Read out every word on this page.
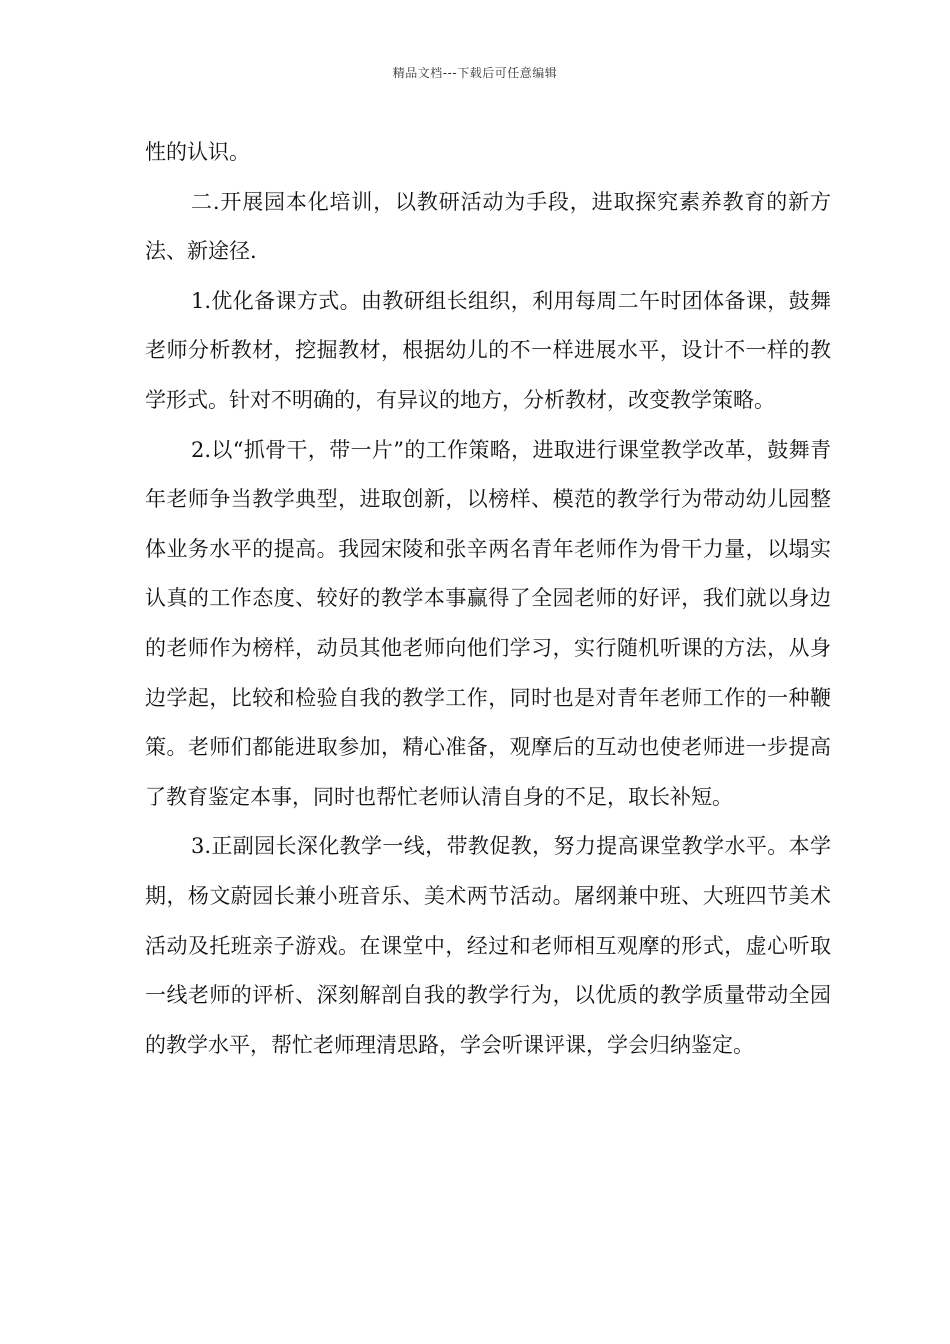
精品文档---下载后可任意编辑

性的认识。

二.开展园本化培训，以教研活动为手段，进取探究素养教育的新方法、新途径.

1.优化备课方式。由教研组长组织，利用每周二午时团体备课，鼓舞老师分析教材，挖掘教材，根据幼儿的不一样进展水平，设计不一样的教学形式。针对不明确的，有异议的地方，分析教材，改变教学策略。

2.以“抓骨干，带一片”的工作策略，进取进行课堂教学改革，鼓舞青年老师争当教学典型，进取创新，以榜样、模范的教学行为带动幼儿园整体业务水平的提高。我园宋陵和张辛两名青年老师作为骨干力量，以塌实认真的工作态度、较好的教学本事赢得了全园老师的好评，我们就以身边的老师作为榜样，动员其他老师向他们学习，实行随机听课的方法，从身边学起，比较和检验自我的教学工作，同时也是对青年老师工作的一种鞭策。老师们都能进取参加，精心准备，观摩后的互动也使老师进一步提高了教育鉴定本事，同时也帮忙老师认清自身的不足，取长补短。

3.正副园长深化教学一线，带教促教，努力提高课堂教学水平。本学期，杨文蔚园长兼小班音乐、美术两节活动。屠纲兼中班、大班四节美术活动及托班亲子游戏。在课堂中，经过和老师相互观摩的形式，虚心听取一线老师的评析、深刻解剖自我的教学行为，以优质的教学质量带动全园的教学水平，帮忙老师理清思路，学会听课评课，学会归纳鉴定。
